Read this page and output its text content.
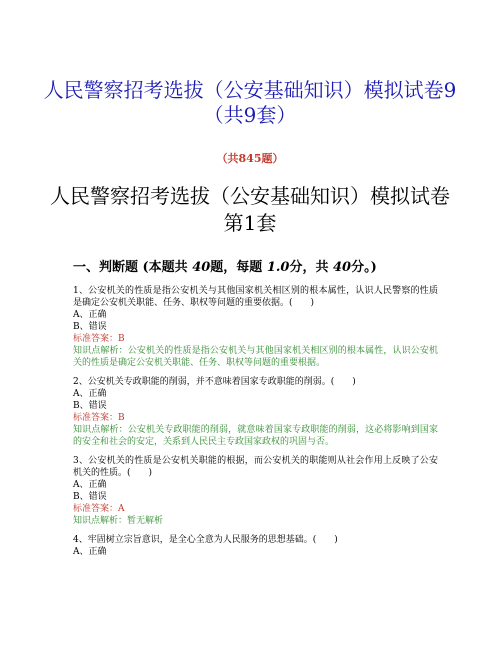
人民警察招考选拔（公安基础知识）模拟试卷9（共9套）
（共845题）
人民警察招考选拔（公安基础知识）模拟试卷 第1套
一、判断题 (本题共 40题，每题 1.0分，共 40分。)
1、公安机关的性质是指公安机关与其他国家机关相区别的根本属性，认识人民警察的性质是确定公安机关职能、任务、职权等问题的重要依据。(　　)
A、正确
B、错误
标准答案：B
知识点解析：公安机关的性质是指公安机关与其他国家机关相区别的根本属性，认识公安机关的性质是确定公安机关职能、任务、职权等问题的重要根据。
2、公安机关专政职能的削弱，并不意味着国家专政职能的削弱。(　　)
A、正确
B、错误
标准答案：B
知识点解析：公安机关专政职能的削弱，就意味着国家专政职能的削弱，这必将影响到国家的安全和社会的安定，关系到人民民主专政国家政权的巩固与否。
3、公安机关的性质是公安机关职能的根据，而公安机关的职能则从社会作用上反映了公安机关的性质。(　　)
A、正确
B、错误
标准答案：A
知识点解析：暂无解析
4、牢固树立宗旨意识，是全心全意为人民服务的思想基础。(　　)
A、正确
